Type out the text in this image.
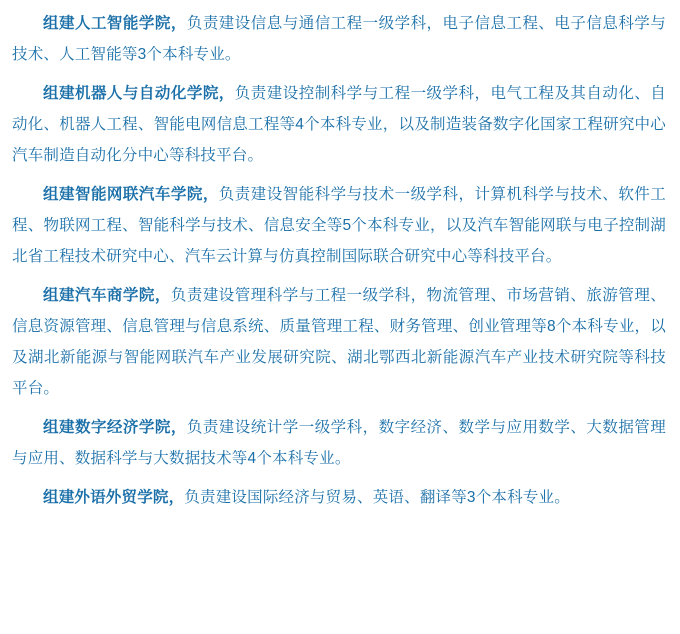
组建人工智能学院，负责建设信息与通信工程一级学科，电子信息工程、电子信息科学与技术、人工智能等3个本科专业。

组建机器人与自动化学院，负责建设控制科学与工程一级学科，电气工程及其自动化、自动化、机器人工程、智能电网信息工程等4个本科专业，以及制造装备数字化国家工程研究中心汽车制造自动化分中心等科技平台。

组建智能网联汽车学院，负责建设智能科学与技术一级学科，计算机科学与技术、软件工程、物联网工程、智能科学与技术、信息安全等5个本科专业，以及汽车智能网联与电子控制湖北省工程技术研究中心、汽车云计算与仿真控制国际联合研究中心等科技平台。

组建汽车商学院，负责建设管理科学与工程一级学科，物流管理、市场营销、旅游管理、信息资源管理、信息管理与信息系统、质量管理工程、财务管理、创业管理等8个本科专业，以及湖北新能源与智能网联汽车产业发展研究院、湖北鄂西北新能源汽车产业技术研究院等科技平台。

组建数字经济学院，负责建设统计学一级学科，数字经济、数学与应用数学、大数据管理与应用、数据科学与大数据技术等4个本科专业。

组建外语外贸学院，负责建设国际经济与贸易、英语、翻译等3个本科专业。
